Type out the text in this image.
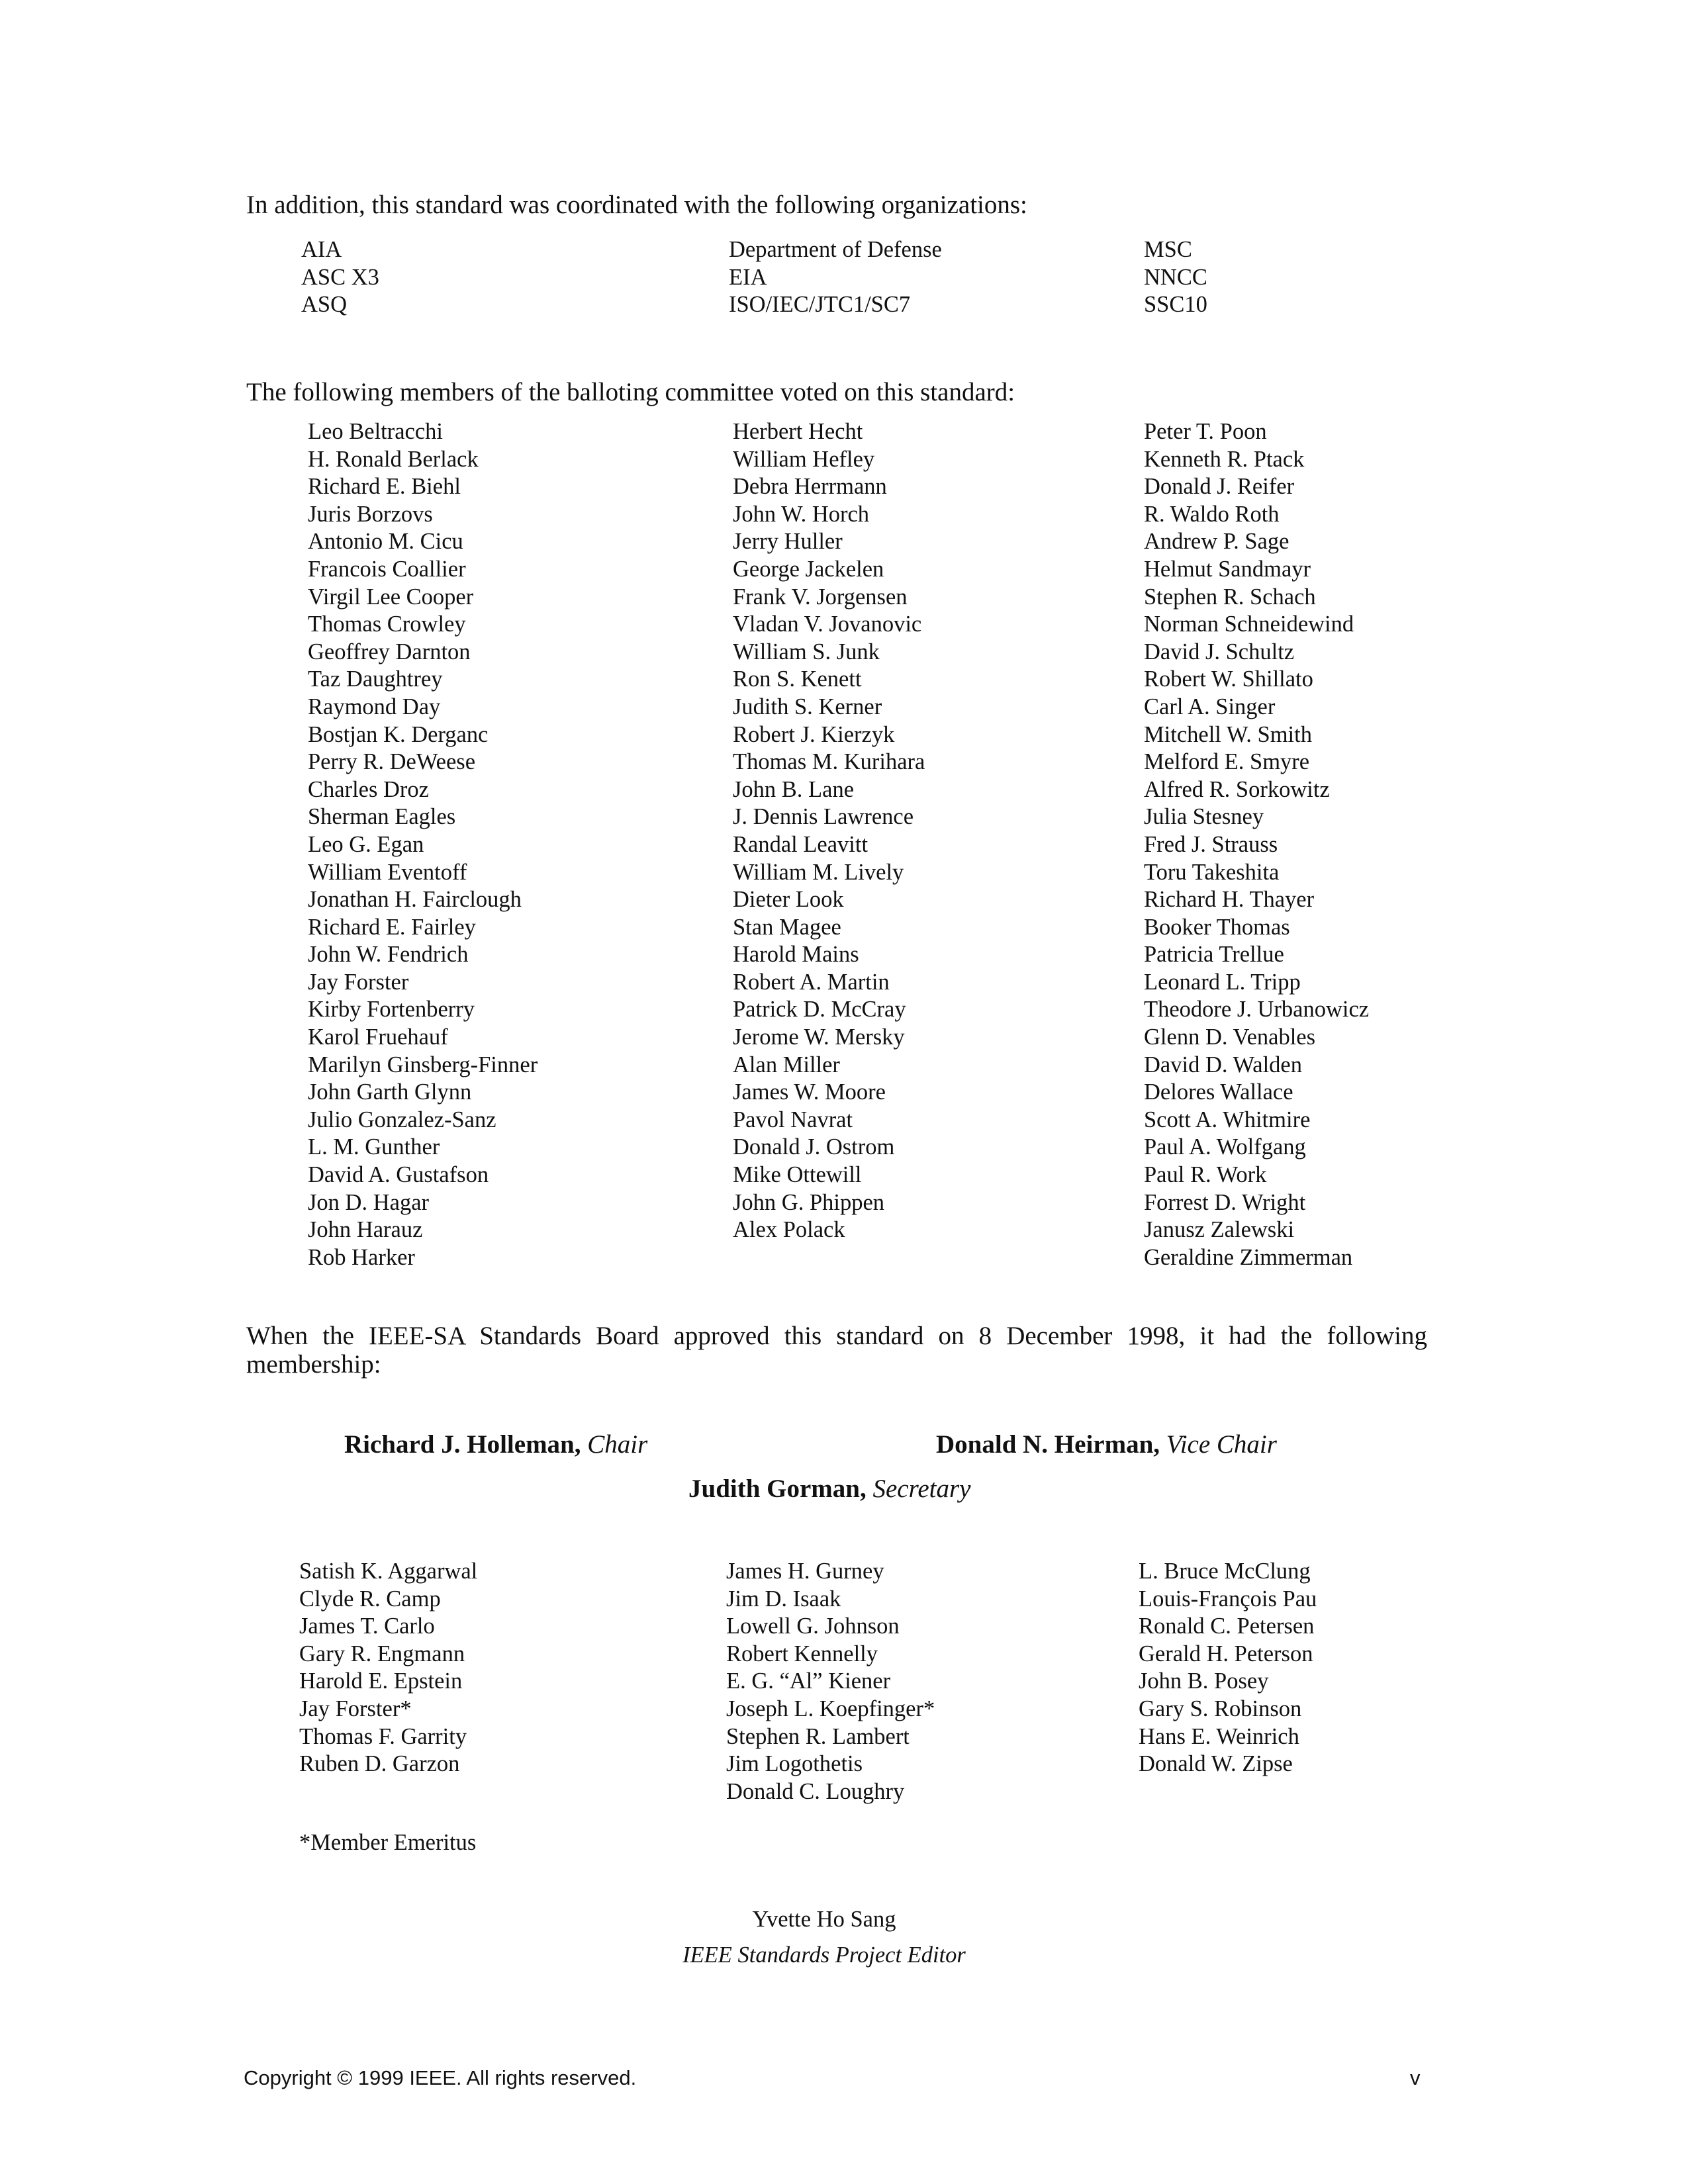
In addition, this standard was coordinated with the following organizations:

AIA
ASC X3
ASQ
Department of Defense
EIA
ISO/IEC/JTC1/SC7
MSC
NNCC
SSC10

The following members of the balloting committee voted on this standard:

Leo Beltracchi
H. Ronald Berlack
Richard E. Biehl
Juris Borzovs
Antonio M. Cicu
Francois Coallier
Virgil Lee Cooper
Thomas Crowley
Geoffrey Darnton
Taz Daughtrey
Raymond Day
Bostjan K. Derganc
Perry R. DeWeese
Charles Droz
Sherman Eagles
Leo G. Egan
William Eventoff
Jonathan H. Fairclough
Richard E. Fairley
John W. Fendrich
Jay Forster
Kirby Fortenberry
Karol Fruehauf
Marilyn Ginsberg-Finner
John Garth Glynn
Julio Gonzalez-Sanz
L. M. Gunther
David A. Gustafson
Jon D. Hagar
John Harauz
Rob Harker
Herbert Hecht
William Hefley
Debra Herrmann
John W. Horch
Jerry Huller
George Jackelen
Frank V. Jorgensen
Vladan V. Jovanovic
William S. Junk
Ron S. Kenett
Judith S. Kerner
Robert J. Kierzyk
Thomas M. Kurihara
John B. Lane
J. Dennis Lawrence
Randal Leavitt
William M. Lively
Dieter Look
Stan Magee
Harold Mains
Robert A. Martin
Patrick D. McCray
Jerome W. Mersky
Alan Miller
James W. Moore
Pavol Navrat
Donald J. Ostrom
Mike Ottewill
John G. Phippen
Alex Polack
Peter T. Poon
Kenneth R. Ptack
Donald J. Reifer
R. Waldo Roth
Andrew P. Sage
Helmut Sandmayr
Stephen R. Schach
Norman Schneidewind
David J. Schultz
Robert W. Shillato
Carl A. Singer
Mitchell W. Smith
Melford E. Smyre
Alfred R. Sorkowitz
Julia Stesney
Fred J. Strauss
Toru Takeshita
Richard H. Thayer
Booker Thomas
Patricia Trellue
Leonard L. Tripp
Theodore J. Urbanowicz
Glenn D. Venables
David D. Walden
Delores Wallace
Scott A. Whitmire
Paul A. Wolfgang
Paul R. Work
Forrest D. Wright
Janusz Zalewski
Geraldine Zimmerman

When the IEEE-SA Standards Board approved this standard on 8 December 1998, it had the following membership:

Richard J. Holleman, Chair	Donald N. Heirman, Vice Chair
Judith Gorman, Secretary
Satish K. Aggarwal
Clyde R. Camp
James T. Carlo
Gary R. Engmann
Harold E. Epstein
Jay Forster*
Thomas F. Garrity
Ruben D. Garzon
James H. Gurney
Jim D. Isaak
Lowell G. Johnson
Robert Kennelly
E. G. “Al” Kiener
Joseph L. Koepfinger*
Stephen R. Lambert
Jim Logothetis
Donald C. Loughry
L. Bruce McClung
Louis-François Pau
Ronald C. Petersen
Gerald H. Peterson
John B. Posey
Gary S. Robinson
Hans E. Weinrich
Donald W. Zipse
*Member Emeritus
Yvette Ho Sang
IEEE Standards Project Editor
Copyright © 1999 IEEE. All rights reserved.	v
